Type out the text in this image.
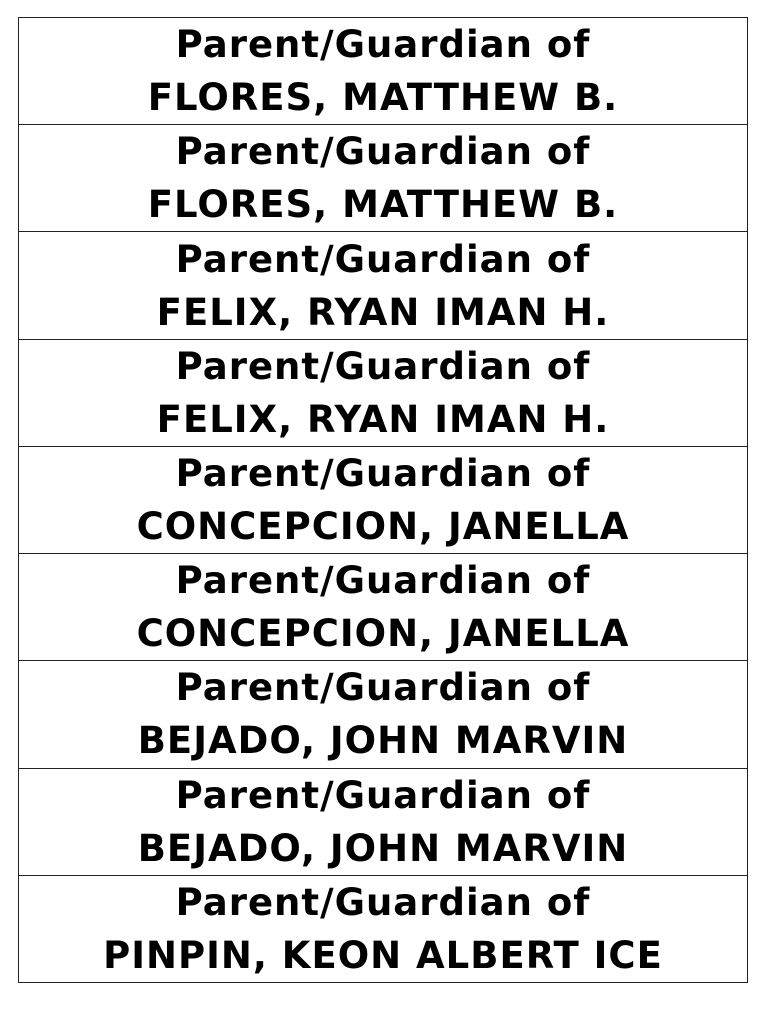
Parent/Guardian of
FLORES, MATTHEW B.
Parent/Guardian of
FLORES, MATTHEW B.
Parent/Guardian of
FELIX, RYAN IMAN H.
Parent/Guardian of
FELIX, RYAN IMAN H.
Parent/Guardian of
CONCEPCION, JANELLA
Parent/Guardian of
CONCEPCION, JANELLA
Parent/Guardian of
BEJADO, JOHN MARVIN
Parent/Guardian of
BEJADO, JOHN MARVIN
Parent/Guardian of
PINPIN, KEON ALBERT ICE
